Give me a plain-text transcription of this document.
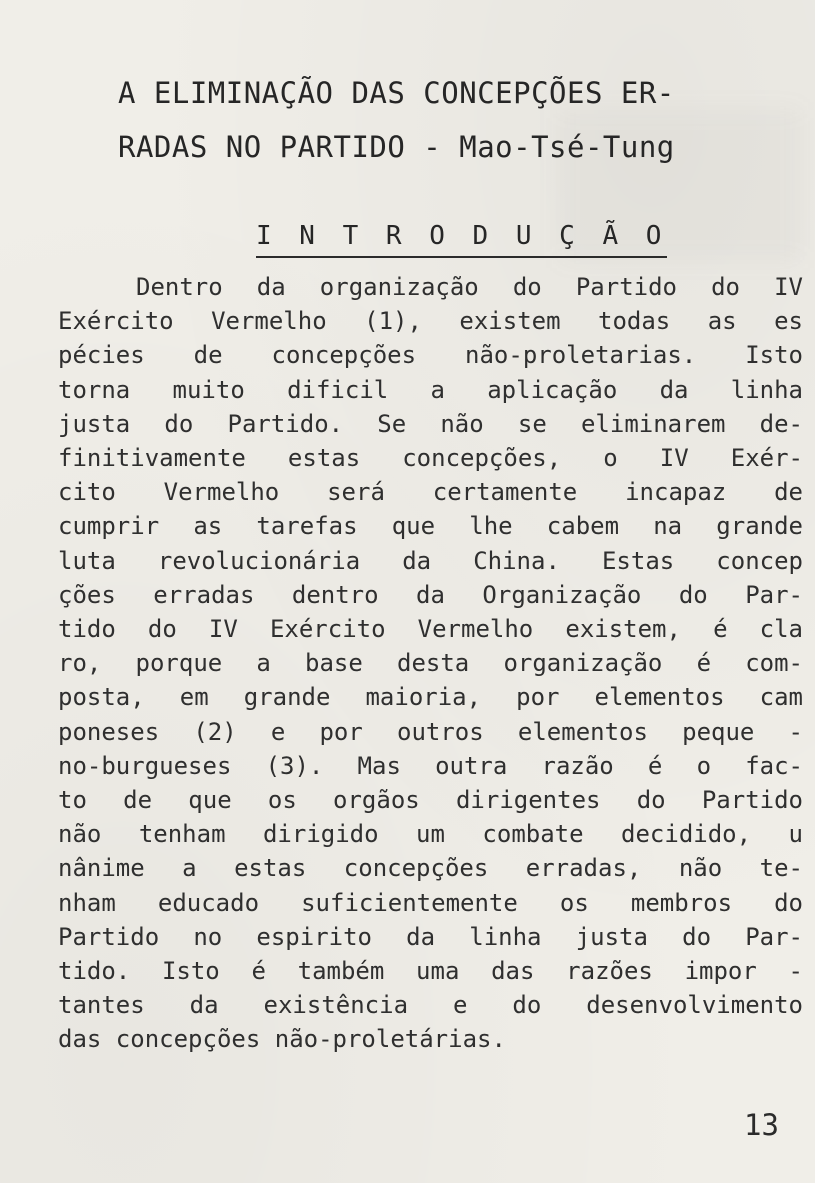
A ELIMINAÇÃO DAS CONCEPÇÕES ER-
RADAS NO PARTIDO - Mao-Tsé-Tung
I N T R O D U Ç Ã O
Dentro da organização do Partido do IV
Exército Vermelho (1), existem todas as es
pécies de concepções não-proletarias. Isto
torna muito dificil a aplicação da linha
justa do Partido. Se não se eliminarem de-
finitivamente estas concepções, o IV Exér-
cito Vermelho será certamente incapaz de
cumprir as tarefas que lhe cabem na grande
luta revolucionária da China. Estas concep
ções erradas dentro da Organização do Par-
tido do IV Exército Vermelho existem, é cla
ro, porque a base desta organização é com-
posta, em grande maioria, por elementos cam
poneses (2) e por outros elementos peque -
no-burgueses (3). Mas outra razão é o fac-
to de que os orgãos dirigentes do Partido
não tenham dirigido um combate decidido, u
nânime a estas concepções erradas, não te-
nham educado suficientemente os membros do
Partido no espirito da linha justa do Par-
tido. Isto é também uma das razões impor -
tantes da existência e do desenvolvimento
das concepções não-proletárias.
13
